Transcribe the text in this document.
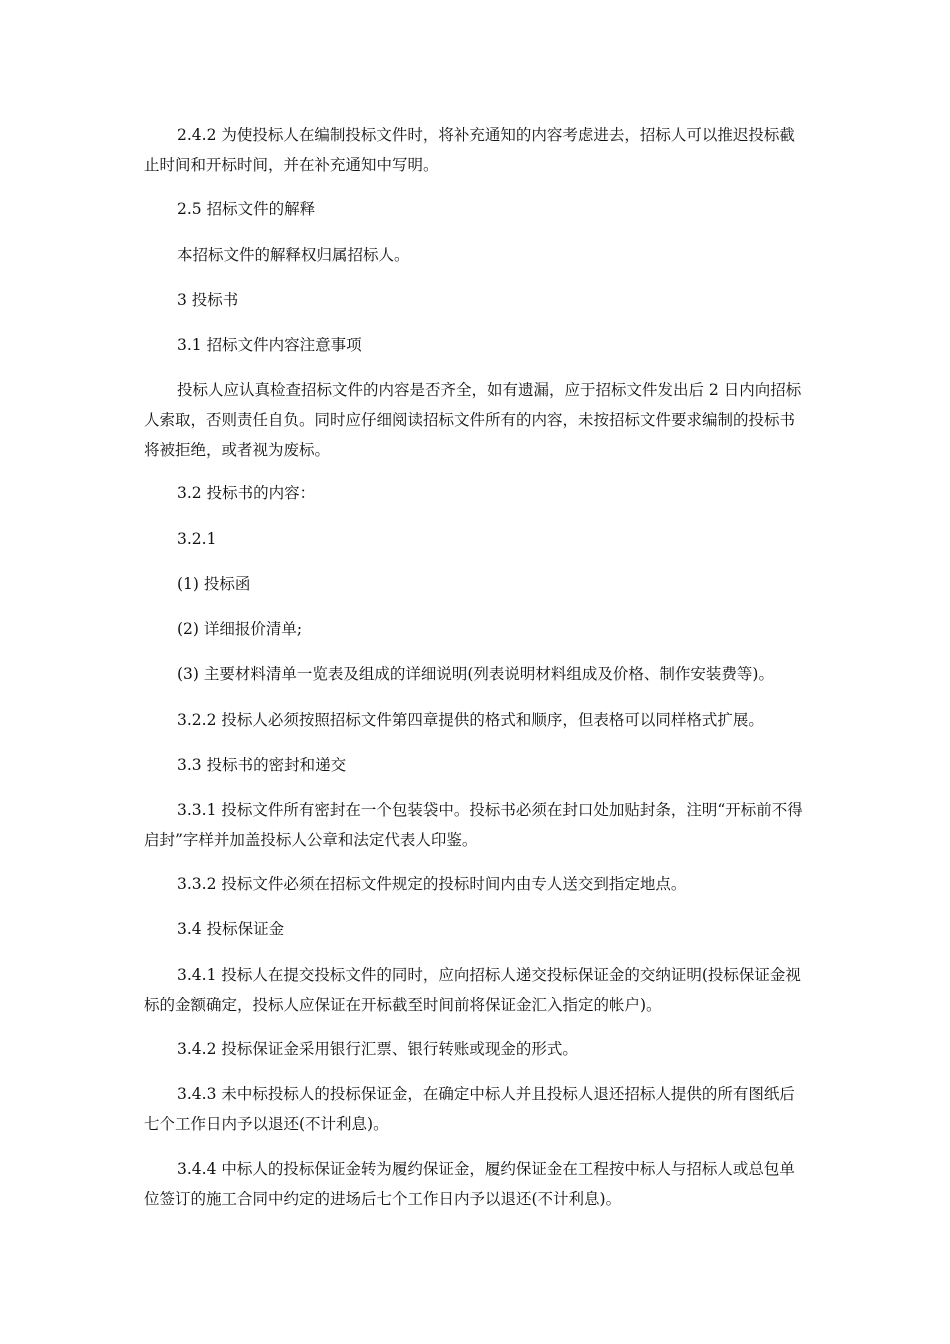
2.4.2 为使投标人在编制投标文件时，将补充通知的内容考虑进去，招标人可以推迟投标截止时间和开标时间，并在补充通知中写明。

2.5 招标文件的解释

本招标文件的解释权归属招标人。

3 投标书

3.1 招标文件内容注意事项

投标人应认真检查招标文件的内容是否齐全，如有遗漏，应于招标文件发出后 2 日内向招标人索取，否则责任自负。同时应仔细阅读招标文件所有的内容，未按招标文件要求编制的投标书将被拒绝，或者视为废标。

3.2 投标书的内容：

3.2.1

(1) 投标函

(2) 详细报价清单;

(3) 主要材料清单一览表及组成的详细说明(列表说明材料组成及价格、制作安装费等)。

3.2.2 投标人必须按照招标文件第四章提供的格式和顺序，但表格可以同样格式扩展。

3.3 投标书的密封和递交

3.3.1 投标文件所有密封在一个包装袋中。投标书必须在封口处加贴封条，注明“开标前不得启封”字样并加盖投标人公章和法定代表人印鉴。

3.3.2 投标文件必须在招标文件规定的投标时间内由专人送交到指定地点。

3.4 投标保证金

3.4.1 投标人在提交投标文件的同时，应向招标人递交投标保证金的交纳证明(投标保证金视标的金额确定，投标人应保证在开标截至时间前将保证金汇入指定的帐户)。

3.4.2 投标保证金采用银行汇票、银行转账或现金的形式。

3.4.3 未中标投标人的投标保证金，在确定中标人并且投标人退还招标人提供的所有图纸后七个工作日内予以退还(不计利息)。

3.4.4 中标人的投标保证金转为履约保证金，履约保证金在工程按中标人与招标人或总包单位签订的施工合同中约定的进场后七个工作日内予以退还(不计利息)。
